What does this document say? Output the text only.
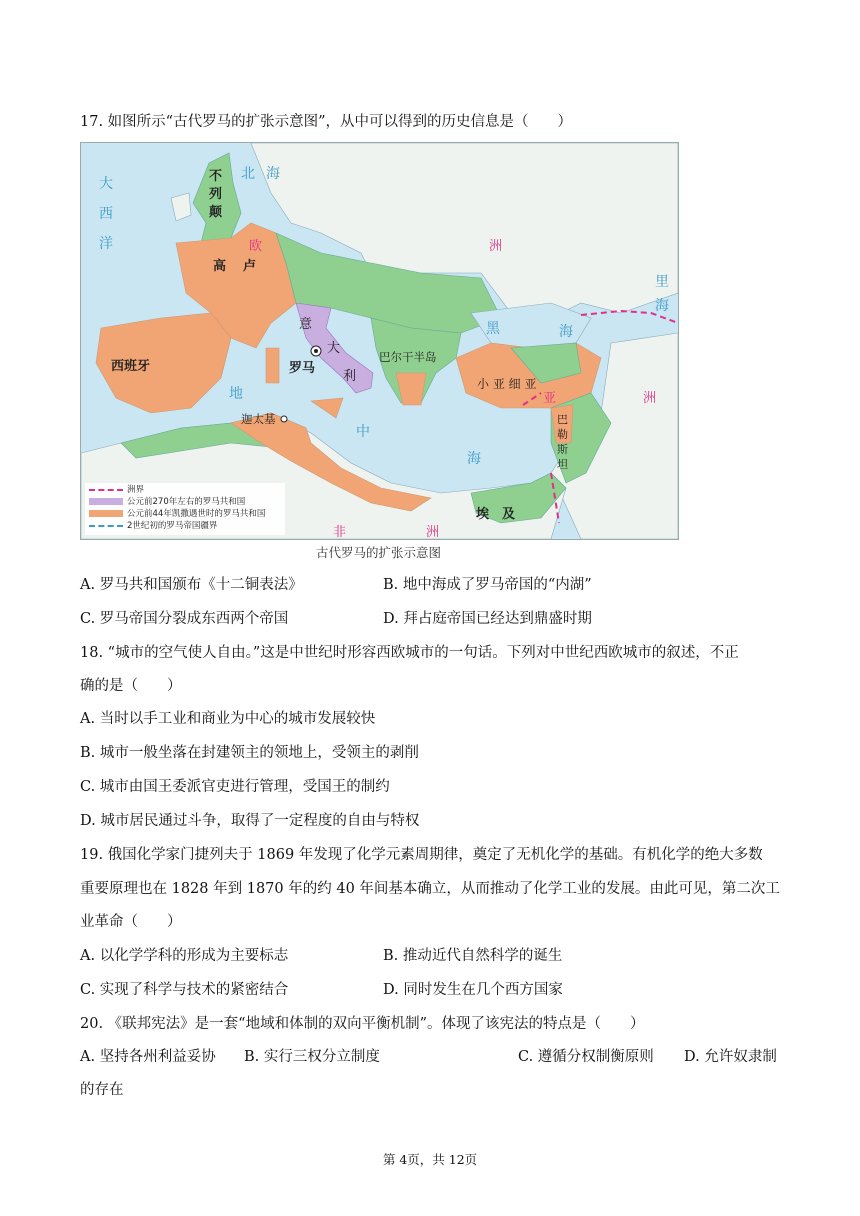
17. 如图所示“古代罗马的扩张示意图”，从中可以得到的历史信息是（　　）
大
西
洋
北 海
不
列
颠
欧	洲
高 卢
意
大
利
西班牙	罗马
地
中
海
迦太基
巴尔干半岛
黑	海
小 亚 细 亚
亚	洲
里
海
巴
勒
斯
坦
埃　及
非	洲
洲界
公元前270年左右的罗马共和国
公元前44年凯撒遇世时的罗马共和国
2世纪初的罗马帝国疆界
古代罗马的扩张示意图
A. 罗马共和国颁布《十二铜表法》	B. 地中海成了罗马帝国的“内湖”
C. 罗马帝国分裂成东西两个帝国	D. 拜占庭帝国已经达到鼎盛时期
18. “城市的空气使人自由。”这是中世纪时形容西欧城市的一句话。下列对中世纪西欧城市的叙述，不正
确的是（　　）
A. 当时以手工业和商业为中心的城市发展较快
B. 城市一般坐落在封建领主的领地上，受领主的剥削
C. 城市由国王委派官吏进行管理，受国王的制约
D. 城市居民通过斗争，取得了一定程度的自由与特权
19. 俄国化学家门捷列夫于 1869 年发现了化学元素周期律，奠定了无机化学的基础。有机化学的绝大多数
重要原理也在 1828 年到 1870 年的约 40 年间基本确立，从而推动了化学工业的发展。由此可见，第二次工
业革命（　　）
A. 以化学学科的形成为主要标志	B. 推动近代自然科学的诞生
C. 实现了科学与技术的紧密结合	D. 同时发生在几个西方国家
20. 《联邦宪法》是一套“地域和体制的双向平衡机制”。体现了该宪法的特点是（　　）
A. 坚持各州利益妥协 B. 实行三权分立制度	C. 遵循分权制衡原则 D. 允许奴隶制
的存在
第 4页，共 12页
